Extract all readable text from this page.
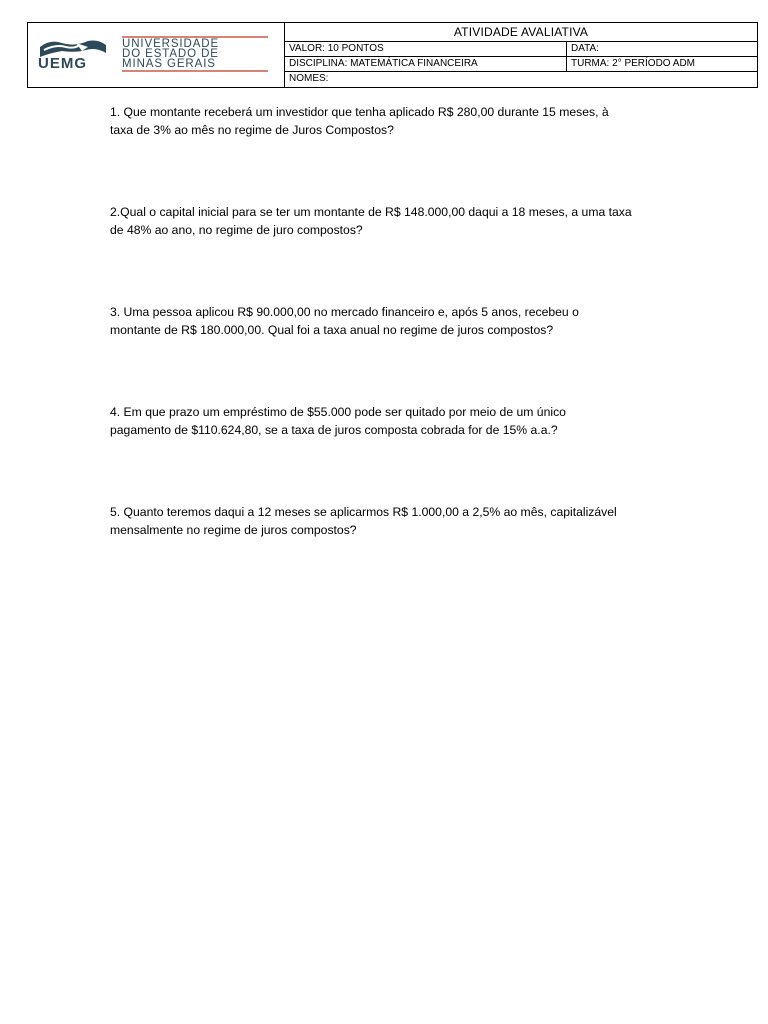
UEMG
UNIVERSIDADE
DO ESTADO DE
MINAS GERAIS
ATIVIDADE AVALIATIVA
VALOR: 10 PONTOS	DATA:
DISCIPLINA: MATEMÁTICA FINANCEIRA	TURMA: 2° PERÍODO ADM
NOMES:

1. Que montante receberá um investidor que tenha aplicado R$ 280,00 durante 15 meses, à
taxa de 3% ao mês no regime de Juros Compostos?

2.Qual o capital inicial para se ter um montante de R$ 148.000,00 daqui a 18 meses, a uma taxa
de 48% ao ano, no regime de juro compostos?

3. Uma pessoa aplicou R$ 90.000,00 no mercado financeiro e, após 5 anos, recebeu o
montante de R$ 180.000,00. Qual foi a taxa anual no regime de juros compostos?

4. Em que prazo um empréstimo de $55.000 pode ser quitado por meio de um único
pagamento de $110.624,80, se a taxa de juros composta cobrada for de 15% a.a.?

5. Quanto teremos daqui a 12 meses se aplicarmos R$ 1.000,00 a 2,5% ao mês, capitalizável
mensalmente no regime de juros compostos?
